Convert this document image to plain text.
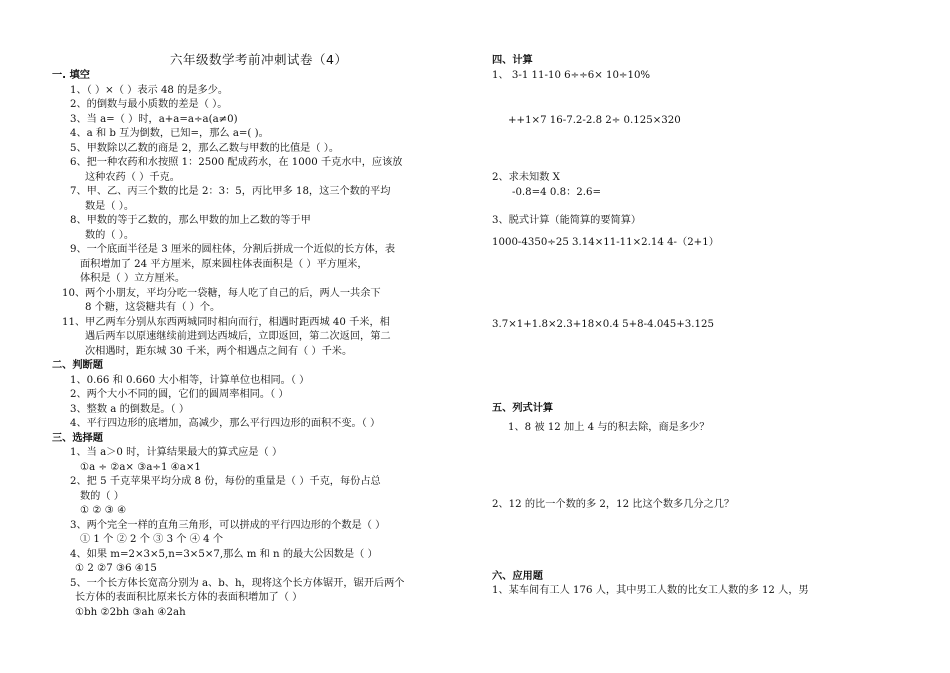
六年级数学考前冲刺试卷（4）
一. 填空
1、（ ）×（ ）表示 48 的是多少。
2、的倒数与最小质数的差是（ ）。
3、当 a=（ ）时，a+a=a÷a(a≠0)
4、a 和 b 互为倒数，已知=，那么 a=( )。
5、甲数除以乙数的商是 2，那么乙数与甲数的比值是（ ）。
6、把一种农药和水按照 1：2500 配成药水，在 1000 千克水中，应该放
这种农药（ ）千克。
7、甲、乙、丙三个数的比是 2：3：5，丙比甲多 18，这三个数的平均
数是（ ）。
8、甲数的等于乙数的，那么甲数的加上乙数的等于甲
数的（ ）。
9、一个底面半径是 3 厘米的圆柱体，分割后拼成一个近似的长方体，表
面积增加了 24 平方厘米，原来圆柱体表面积是（ ）平方厘米，
体积是（ ）立方厘米。
10、两个小朋友，平均分吃一袋糖，每人吃了自己的后，两人一共余下
8 个糖，这袋糖共有（ ）个。
11、甲乙两车分别从东西两城同时相向而行，相遇时距西城 40 千米，相
遇后两车以原速继续前进到达西城后，立即返回，第二次返回，第二
次相遇时，距东城 30 千米，两个相遇点之间有（ ）千米。
二、判断题
1、0.66 和 0.660 大小相等，计算单位也相同。（ ）
2、两个大小不同的圆，它们的圆周率相同。（ ）
3、整数 a 的倒数是。（ ）
4、平行四边形的底增加，高减少，那么平行四边形的面积不变。（ ）
三、选择题
1、当 a＞0 时，计算结果最大的算式应是（ ）
①a ÷ ②a× ③a÷1 ④a×1
2、把 5 千克苹果平均分成 8 份，每份的重量是（ ）千克，每份占总
数的（ ）
① ② ③ ④
3、两个完全一样的直角三角形，可以拼成的平行四边形的个数是（ ）
① 1 个 ② 2 个 ③ 3 个 ④ 4 个
4、如果 m=2×3×5,n=3×5×7,那么 m 和 n 的最大公因数是（ ）
① 2 ②7 ③6 ④15
5、一个长方体长宽高分别为 a、b、h，现将这个长方体锯开，锯开后两个
长方体的表面积比原来长方体的表面积增加了（ ）
①bh ②2bh ③ah ④2ah
四、计算
1、 3-1 11-10 6÷÷6× 10÷10%
++1×7 16-7.2-2.8 2÷ 0.125×320
2、求未知数 X
-0.8=4 0.8：2.6=
3、脱式计算（能简算的要简算）
1000-4350÷25 3.14×11-11×2.14 4-（2+1）
3.7×1+1.8×2.3+18×0.4 5+8-4.045+3.125
五、列式计算
1、8 被 12 加上 4 与的积去除，商是多少？
2、12 的比一个数的多 2，12 比这个数多几分之几？
六、应用题
1、某车间有工人 176 人，其中男工人数的比女工人数的多 12 人，男
